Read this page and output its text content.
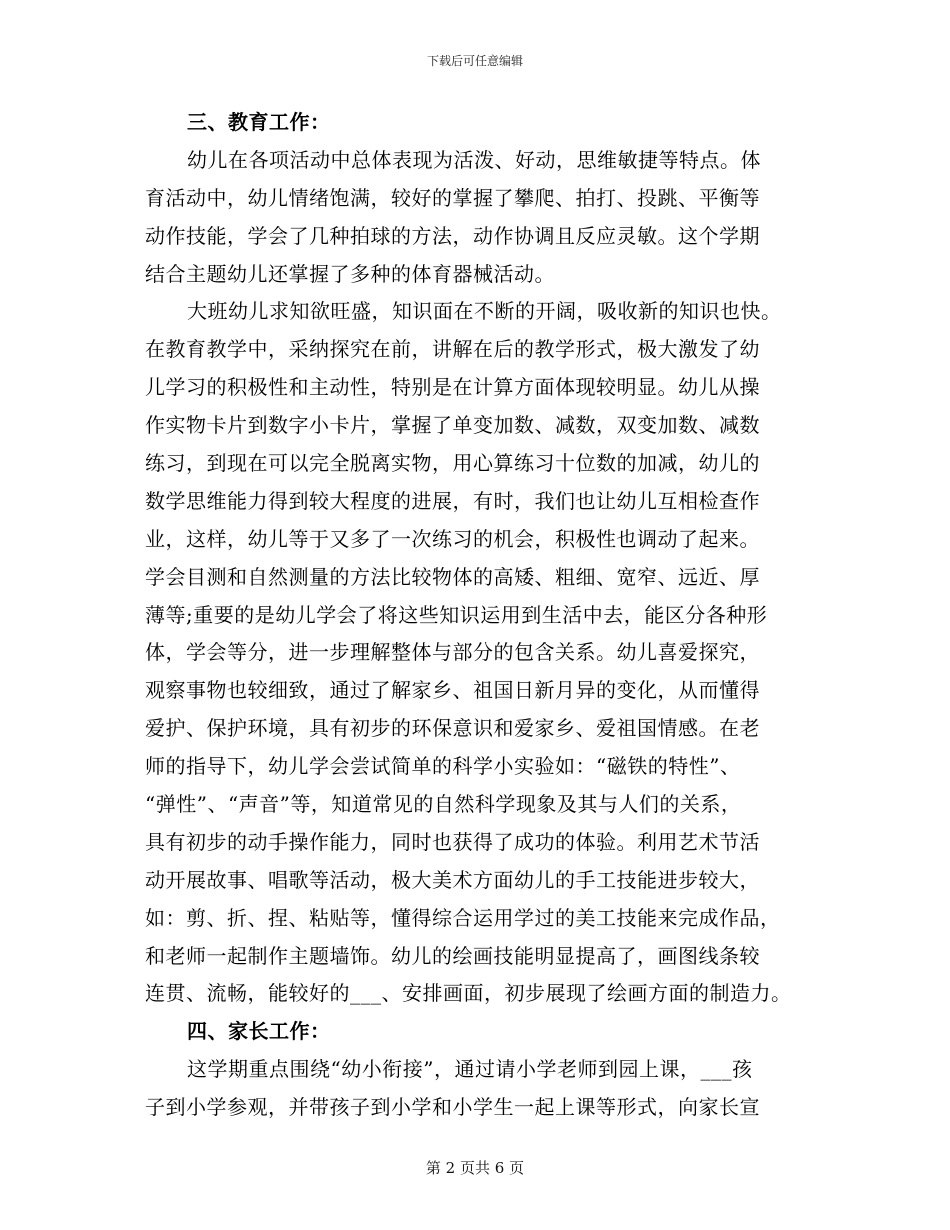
下载后可任意编辑
三、教育工作：
幼儿在各项活动中总体表现为活泼、好动，思维敏捷等特点。体
育活动中，幼儿情绪饱满，较好的掌握了攀爬、拍打、投跳、平衡等
动作技能，学会了几种拍球的方法，动作协调且反应灵敏。这个学期
结合主题幼儿还掌握了多种的体育器械活动。
大班幼儿求知欲旺盛，知识面在不断的开阔，吸收新的知识也快。
在教育教学中，采纳探究在前，讲解在后的教学形式，极大激发了幼
儿学习的积极性和主动性，特别是在计算方面体现较明显。幼儿从操
作实物卡片到数字小卡片，掌握了单变加数、减数，双变加数、减数
练习，到现在可以完全脱离实物，用心算练习十位数的加减，幼儿的
数学思维能力得到较大程度的进展，有时，我们也让幼儿互相检查作
业，这样，幼儿等于又多了一次练习的机会，积极性也调动了起来。
学会目测和自然测量的方法比较物体的高矮、粗细、宽窄、远近、厚
薄等;重要的是幼儿学会了将这些知识运用到生活中去，能区分各种形
体，学会等分，进一步理解整体与部分的包含关系。幼儿喜爱探究，
观察事物也较细致，通过了解家乡、祖国日新月异的变化，从而懂得
爱护、保护环境，具有初步的环保意识和爱家乡、爱祖国情感。在老
师的指导下，幼儿学会尝试简单的科学小实验如：“磁铁的特性”、
“弹性”、“声音”等，知道常见的自然科学现象及其与人们的关系，
具有初步的动手操作能力，同时也获得了成功的体验。利用艺术节活
动开展故事、唱歌等活动，极大美术方面幼儿的手工技能进步较大，
如：剪、折、捏、粘贴等，懂得综合运用学过的美工技能来完成作品，
和老师一起制作主题墙饰。幼儿的绘画技能明显提高了，画图线条较
连贯、流畅，能较好的___、安排画面，初步展现了绘画方面的制造力。
四、家长工作：
这学期重点围绕“幼小衔接”，通过请小学老师到园上课，___孩
子到小学参观，并带孩子到小学和小学生一起上课等形式，向家长宣
第 2 页共 6 页
